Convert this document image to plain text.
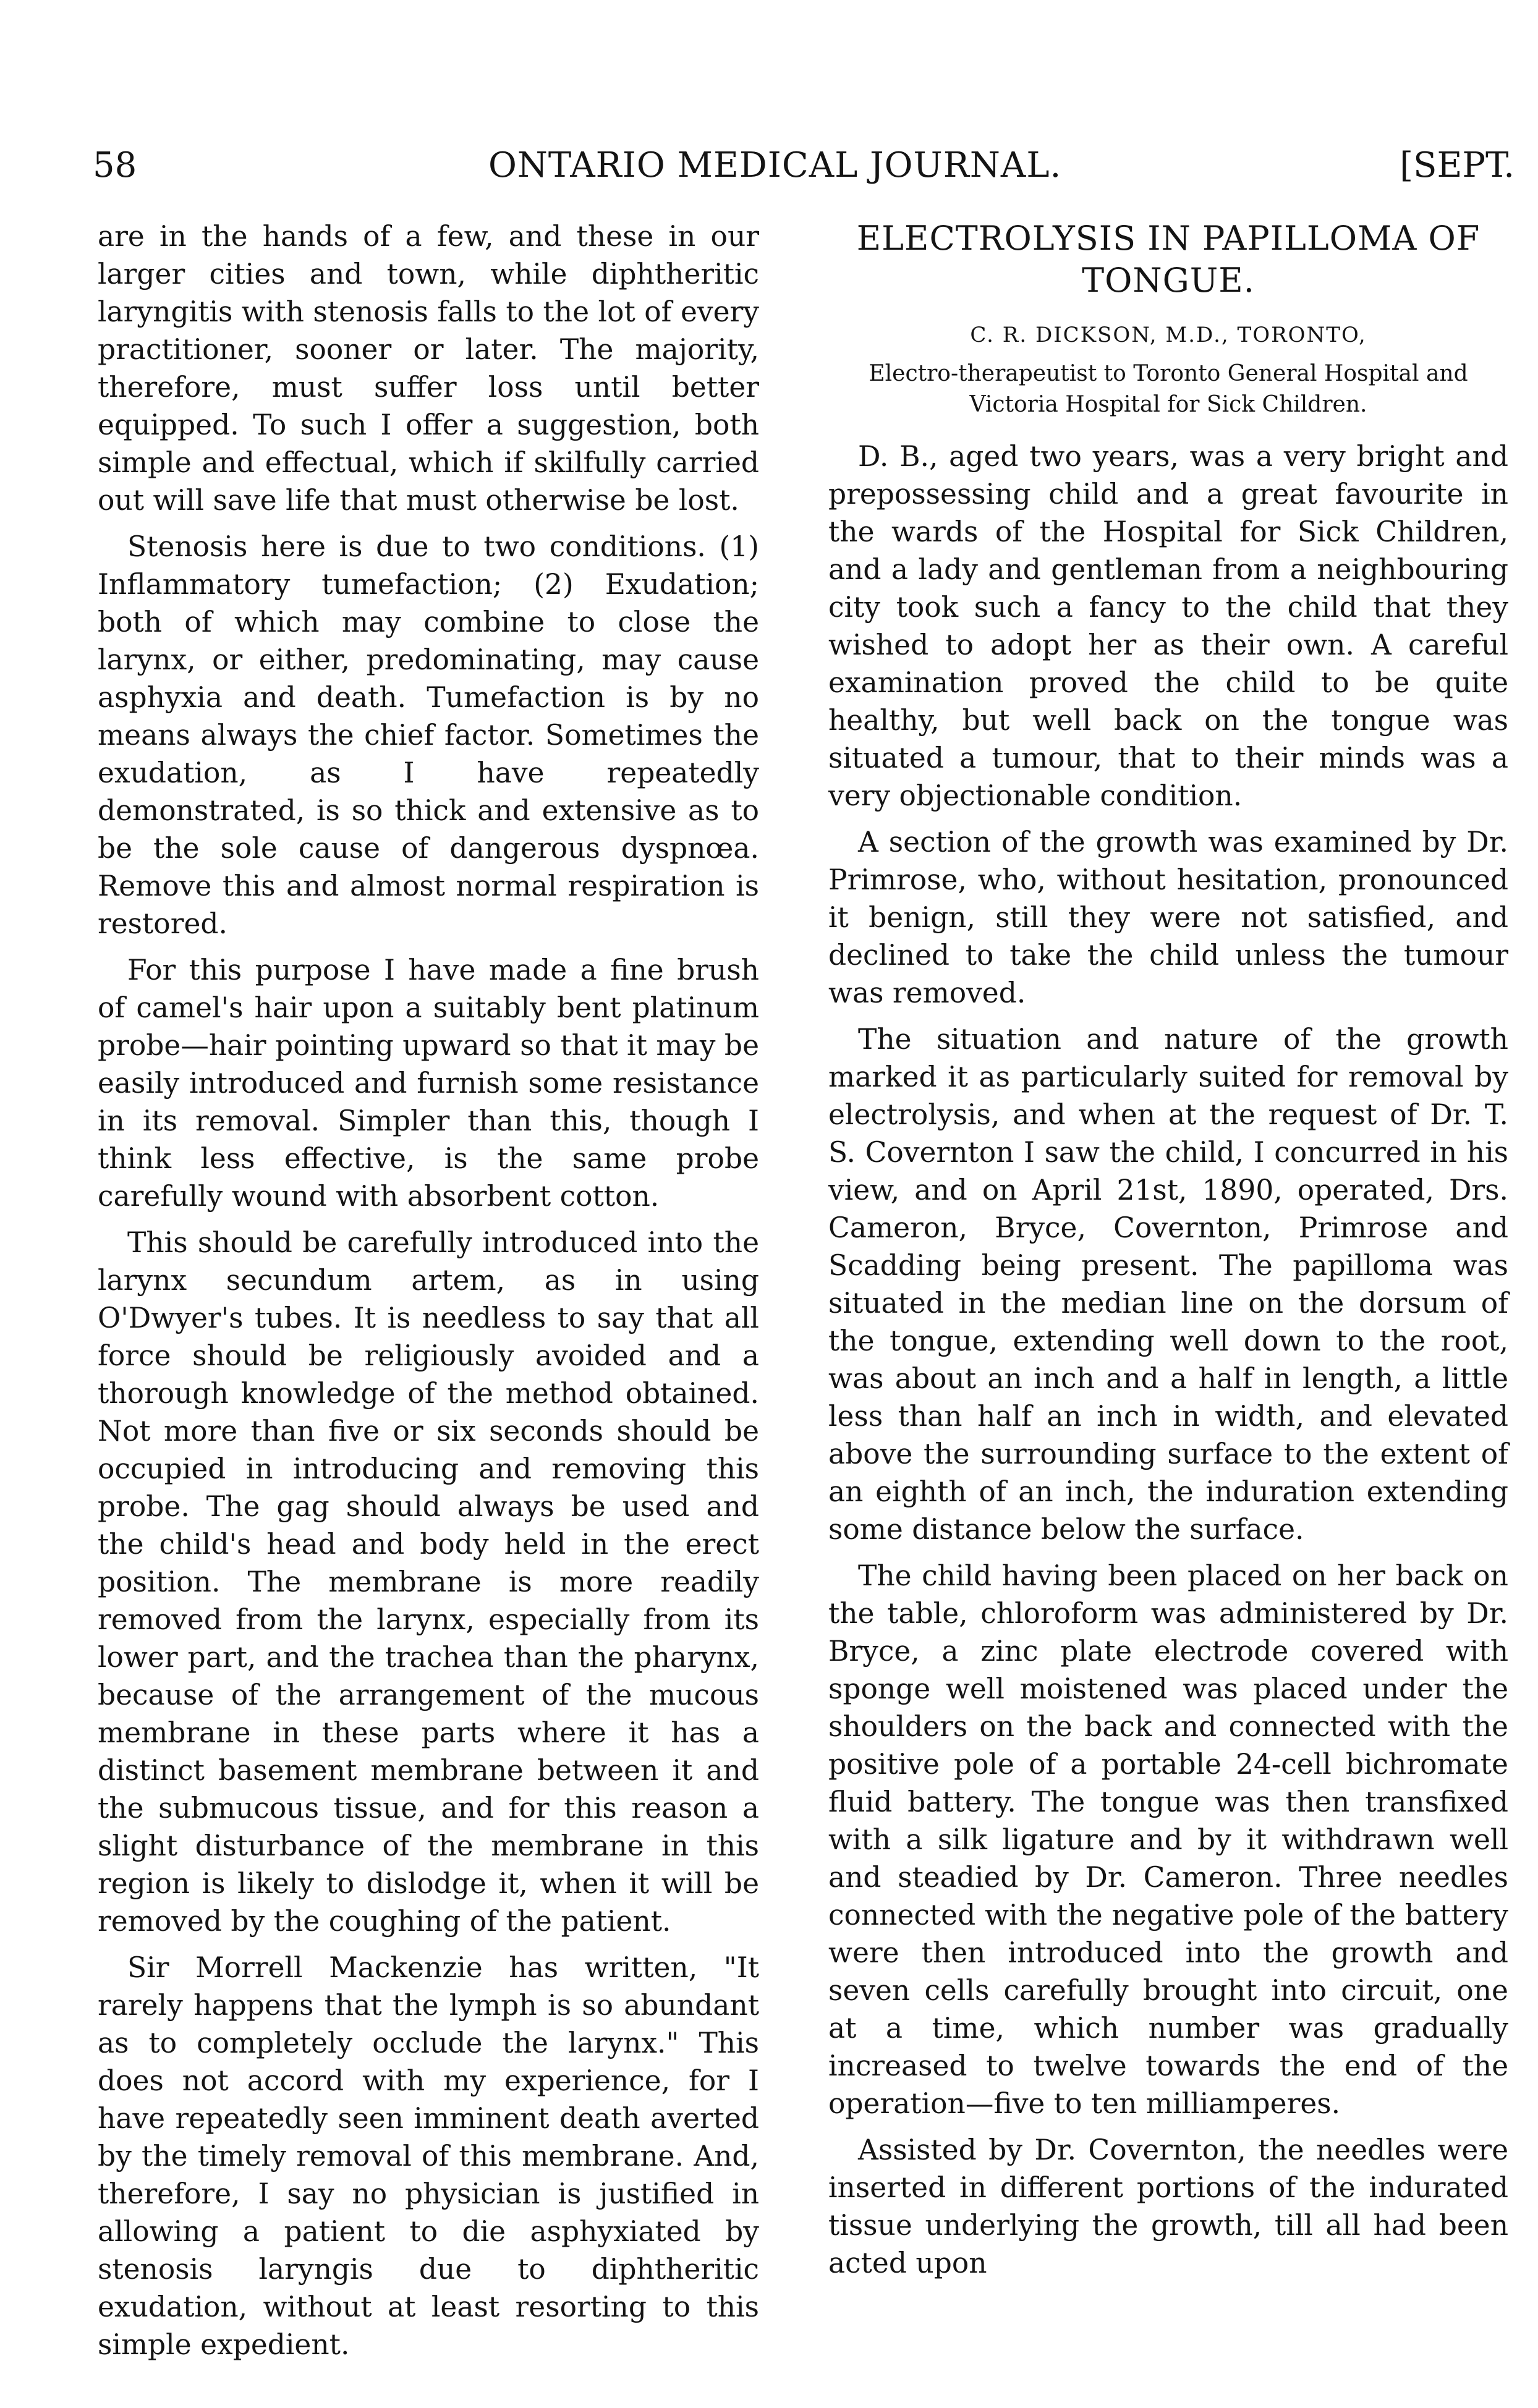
58	ONTARIO MEDICAL JOURNAL.	[SEPT.

are in the hands of a few, and these in our larger cities and town, while diphtheritic laryngitis with stenosis falls to the lot of every practitioner, sooner or later. The majority, therefore, must suffer loss until better equipped. To such I offer a suggestion, both simple and effectual, which if skilfully carried out will save life that must otherwise be lost.

Stenosis here is due to two conditions. (1) Inflammatory tumefaction; (2) Exudation; both of which may combine to close the larynx, or either, predominating, may cause asphyxia and death. Tumefaction is by no means always the chief factor. Sometimes the exudation, as I have repeatedly demonstrated, is so thick and extensive as to be the sole cause of dangerous dyspnœa. Remove this and almost normal respiration is restored.

For this purpose I have made a fine brush of camel's hair upon a suitably bent platinum probe—hair pointing upward so that it may be easily introduced and furnish some resistance in its removal. Simpler than this, though I think less effective, is the same probe carefully wound with absorbent cotton.

This should be carefully introduced into the larynx secundum artem, as in using O'Dwyer's tubes. It is needless to say that all force should be religiously avoided and a thorough knowledge of the method obtained. Not more than five or six seconds should be occupied in introducing and removing this probe. The gag should always be used and the child's head and body held in the erect position. The membrane is more readily removed from the larynx, especially from its lower part, and the trachea than the pharynx, because of the arrangement of the mucous membrane in these parts where it has a distinct basement membrane between it and the submucous tissue, and for this reason a slight disturbance of the membrane in this region is likely to dislodge it, when it will be removed by the coughing of the patient.

Sir Morrell Mackenzie has written, "It rarely happens that the lymph is so abundant as to completely occlude the larynx." This does not accord with my experience, for I have repeatedly seen imminent death averted by the timely removal of this membrane. And, therefore, I say no physician is justified in allowing a patient to die asphyxiated by stenosis laryngis due to diphtheritic exudation, without at least resorting to this simple expedient.

ELECTROLYSIS IN PAPILLOMA OF TONGUE.
C. R. DICKSON, M.D., TORONTO,
Electro-therapeutist to Toronto General Hospital and Victoria Hospital for Sick Children.

D. B., aged two years, was a very bright and prepossessing child and a great favourite in the wards of the Hospital for Sick Children, and a lady and gentleman from a neighbouring city took such a fancy to the child that they wished to adopt her as their own. A careful examination proved the child to be quite healthy, but well back on the tongue was situated a tumour, that to their minds was a very objectionable condition.

A section of the growth was examined by Dr. Primrose, who, without hesitation, pronounced it benign, still they were not satisfied, and declined to take the child unless the tumour was removed.

The situation and nature of the growth marked it as particularly suited for removal by electrolysis, and when at the request of Dr. T. S. Covernton I saw the child, I concurred in his view, and on April 21st, 1890, operated, Drs. Cameron, Bryce, Covernton, Primrose and Scadding being present. The papilloma was situated in the median line on the dorsum of the tongue, extending well down to the root, was about an inch and a half in length, a little less than half an inch in width, and elevated above the surrounding surface to the extent of an eighth of an inch, the induration extending some distance below the surface.

The child having been placed on her back on the table, chloroform was administered by Dr. Bryce, a zinc plate electrode covered with sponge well moistened was placed under the shoulders on the back and connected with the positive pole of a portable 24-cell bichromate fluid battery. The tongue was then transfixed with a silk ligature and by it withdrawn well and steadied by Dr. Cameron. Three needles connected with the negative pole of the battery were then introduced into the growth and seven cells carefully brought into circuit, one at a time, which number was gradually increased to twelve towards the end of the operation—five to ten milliamperes.

Assisted by Dr. Covernton, the needles were inserted in different portions of the indurated tissue underlying the growth, till all had been acted upon
